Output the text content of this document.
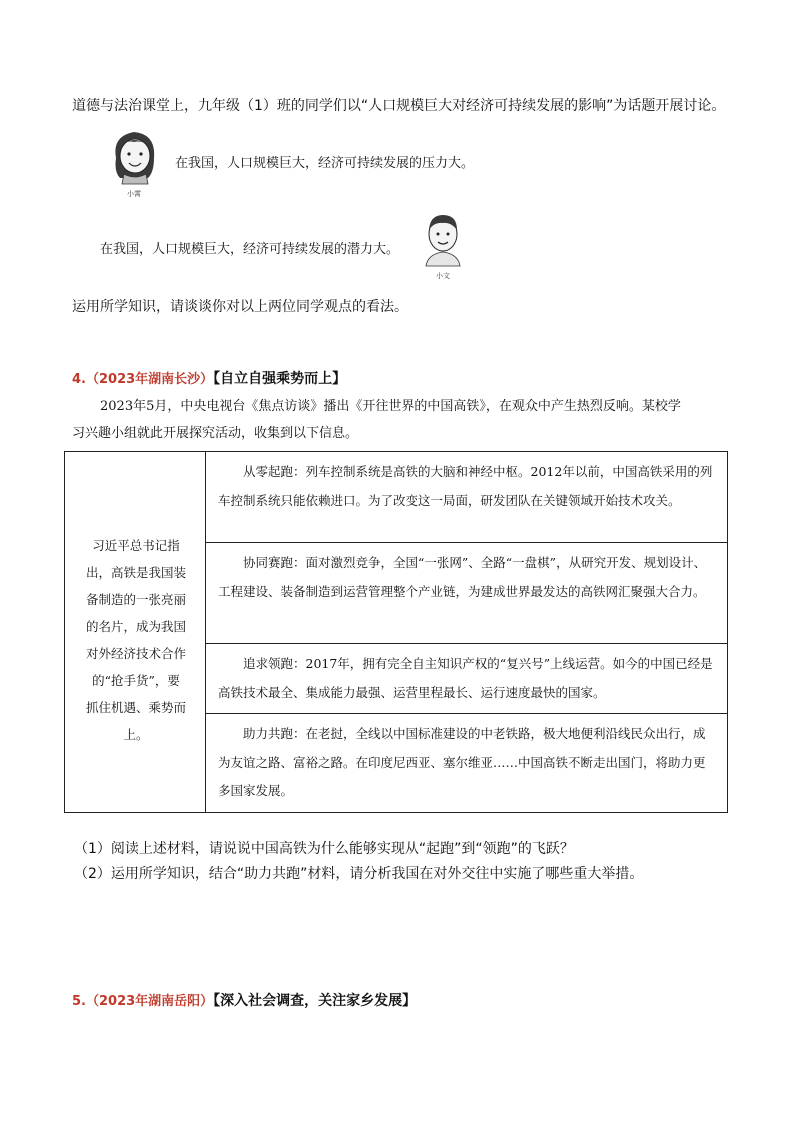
道德与法治课堂上，九年级（1）班的同学们以“人口规模巨大对经济可持续发展的影响”为话题开展讨论。
小霄
在我国，人口规模巨大，经济可持续发展的压力大。
在我国，人口规模巨大，经济可持续发展的潜力大。
小文
运用所学知识，请谈谈你对以上两位同学观点的看法。
4.（2023年湖南长沙）【自立自强乘势而上】
2023年5月，中央电视台《焦点访谈》播出《开往世界的中国高铁》，在观众中产生热烈反响。某校学
习兴趣小组就此开展探究活动，收集到以下信息。
习近平总书记指出，高铁是我国装备制造的一张亮丽的名片，成为我国对外经济技术合作的“抢手货”，要抓住机遇、乘势而上。
从零起跑：列车控制系统是高铁的大脑和神经中枢。2012年以前，中国高铁采用的列车控制系统只能依赖进口。为了改变这一局面，研发团队在关键领域开始技术攻关。
协同赛跑：面对激烈竞争，全国“一张网”、全路“一盘棋”，从研究开发、规划设计、工程建设、装备制造到运营管理整个产业链，为建成世界最发达的高铁网汇聚强大合力。
追求领跑：2017年，拥有完全自主知识产权的“复兴号”上线运营。如今的中国已经是高铁技术最全、集成能力最强、运营里程最长、运行速度最快的国家。
助力共跑：在老挝，全线以中国标准建设的中老铁路，极大地便利沿线民众出行，成为友谊之路、富裕之路。在印度尼西亚、塞尔维亚……中国高铁不断走出国门，将助力更多国家发展。
（1）阅读上述材料，请说说中国高铁为什么能够实现从“起跑”到“领跑”的飞跃？
（2）运用所学知识，结合“助力共跑”材料，请分析我国在对外交往中实施了哪些重大举措。
5.（2023年湖南岳阳）【深入社会调查，关注家乡发展】
